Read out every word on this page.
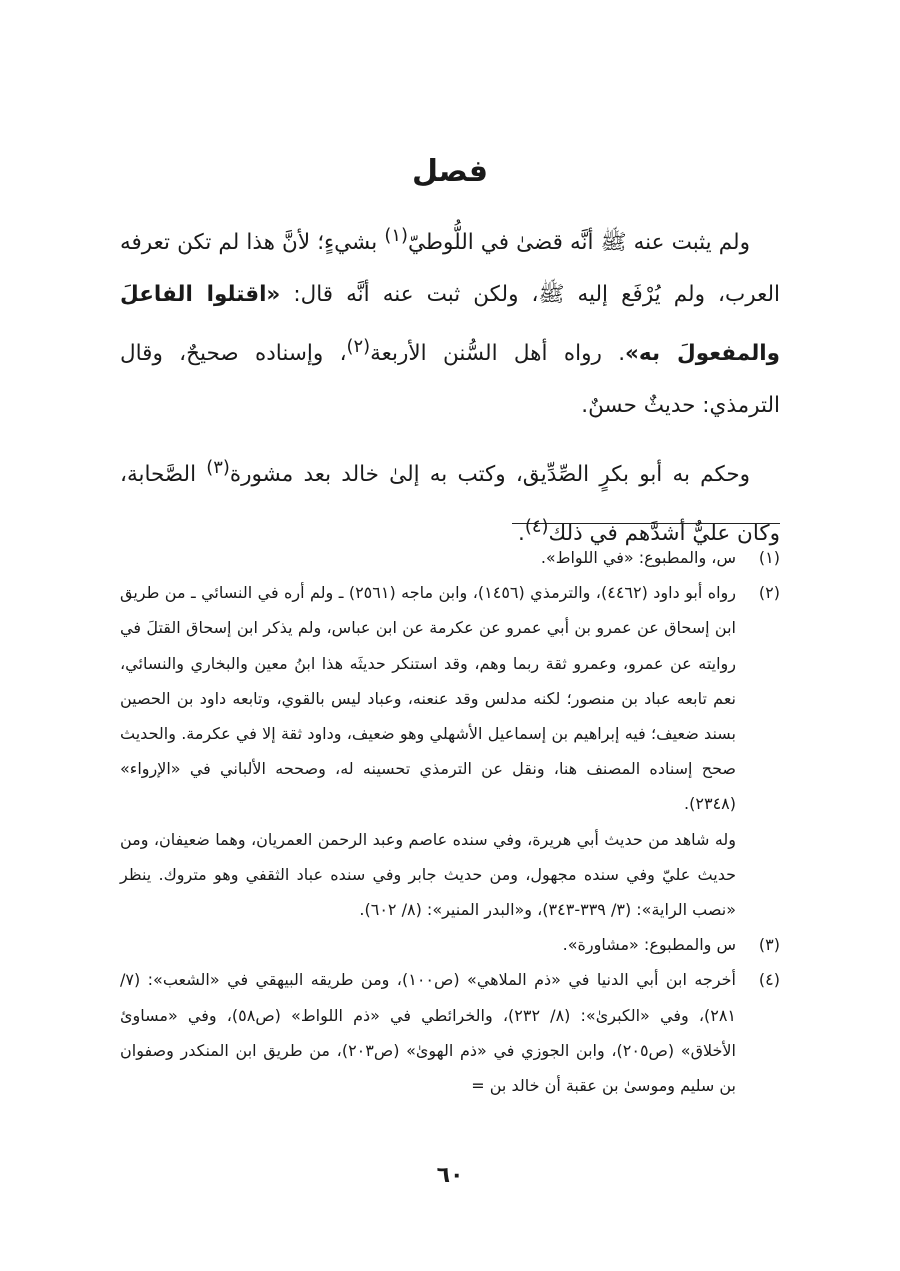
فصل

ولم يثبت عنه ﷺ أنَّه قضىٰ في اللُّوطيّ$^{(١)}$ بشيءٍ؛ لأنَّ هذا لم تكن تعرفه العرب، ولم يُرْفَع إليه ﷺ، ولكن ثبت عنه أنَّه قال: «اقتلوا الفاعلَ والمفعولَ به». رواه أهل السُّنن الأربعة$^{(٢)}$، وإسناده صحيحٌ، وقال الترمذي: حديثٌ حسنٌ.

وحكم به أبو بكرٍ الصِّدِّيق، وكتب به إلىٰ خالد بعد مشورة$^{(٣)}$ الصَّحابة، وكان عليٌّ أشدَّهم في ذلك$^{(٤)}$.

(١)
س، والمطبوع: «في اللواط».
(٢)
رواه أبو داود (٤٤٦٢)، والترمذي (١٤٥٦)، وابن ماجه (٢٥٦١) ـ ولم أره في النسائي ـ من طريق ابن إسحاق عن عمرو بن أبي عمرو عن عكرمة عن ابن عباس، ولم يذكر ابن إسحاق القتلَ في روايته عن عمرو، وعمرو ثقة ربما وهم، وقد استنكر حديثَه هذا ابنُ معين والبخاري والنسائي، نعم تابعه عباد بن منصور؛ لكنه مدلس وقد عنعنه، وعباد ليس بالقوي، وتابعه داود بن الحصين بسند ضعيف؛ فيه إبراهيم بن إسماعيل الأشهلي وهو ضعيف، وداود ثقة إلا في عكرمة. والحديث صحح إسناده المصنف هنا، ونقل عن الترمذي تحسينه له، وصححه الألباني في «الإرواء» (٢٣٤٨).
وله شاهد من حديث أبي هريرة، وفي سنده عاصم وعبد الرحمن العمريان، وهما ضعيفان، ومن حديث عليّ وفي سنده مجهول، ومن حديث جابر وفي سنده عباد الثقفي وهو متروك. ينظر «نصب الراية»: (٣/ ٣٣٩-٣٤٣)، و«البدر المنير»: (٨/ ٦٠٢).
(٣)
س والمطبوع: «مشاورة».
(٤)
أخرجه ابن أبي الدنيا في «ذم الملاهي» (ص١٠٠)، ومن طريقه البيهقي في «الشعب»: (٧/ ٢٨١)، وفي «الكبرىٰ»: (٨/ ٢٣٢)، والخرائطي في «ذم اللواط» (ص٥٨)، وفي «مساوئ الأخلاق» (ص٢٠٥)، وابن الجوزي في «ذم الهوىٰ» (ص٢٠٣)، من طريق ابن المنكدر وصفوان بن سليم وموسىٰ بن عقبة أن خالد بن =
٦٠
